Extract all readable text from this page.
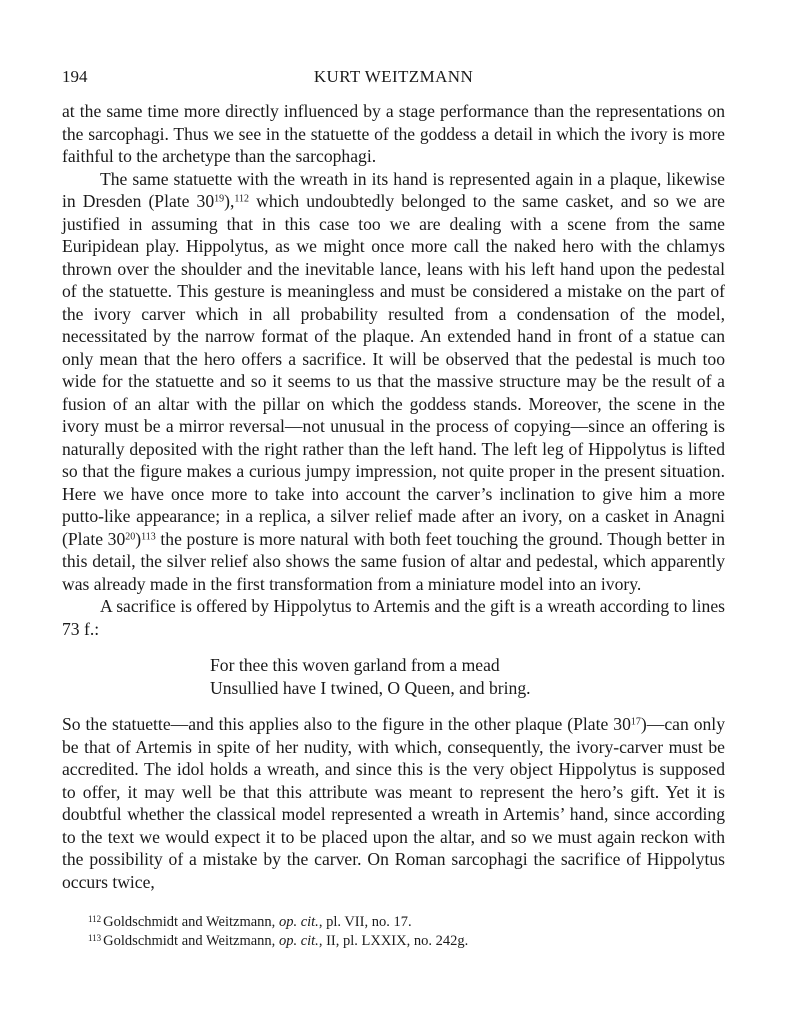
194	KURT WEITZMANN

at the same time more directly influenced by a stage performance than the representations on the sarcophagi. Thus we see in the statuette of the goddess a detail in which the ivory is more faithful to the archetype than the sarcophagi.

The same statuette with the wreath in its hand is represented again in a plaque, likewise in Dresden (Plate $30^{19}),^{112}$ which undoubtedly belonged to the same casket, and so we are justified in assuming that in this case too we are dealing with a scene from the same Euripidean play. Hippolytus, as we might once more call the naked hero with the chlamys thrown over the shoulder and the inevitable lance, leans with his left hand upon the pedestal of the statuette. This gesture is meaningless and must be considered a mistake on the part of the ivory carver which in all probability resulted from a condensation of the model, necessitated by the narrow format of the plaque. An extended hand in front of a statue can only mean that the hero offers a sacrifice. It will be observed that the pedestal is much too wide for the statuette and so it seems to us that the massive structure may be the result of a fusion of an altar with the pillar on which the goddess stands. Moreover, the scene in the ivory must be a mirror reversal—not unusual in the process of copying—since an offering is naturally deposited with the right rather than the left hand. The left leg of Hippolytus is lifted so that the figure makes a curious jumpy impression, not quite proper in the present situation. Here we have once more to take into account the carver’s inclination to give him a more putto-like appearance; in a replica, a silver relief made after an ivory, on a casket in Anagni (Plate $30^{20})^{113}$ the posture is more natural with both feet touching the ground. Though better in this detail, the silver relief also shows the same fusion of altar and pedestal, which apparently was already made in the first transformation from a miniature model into an ivory.

A sacrifice is offered by Hippolytus to Artemis and the gift is a wreath according to lines 73 f.:

For thee this woven garland from a mead
Unsullied have I twined, O Queen, and bring.

So the statuette—and this applies also to the figure in the other plaque (Plate $30^{17})—can$ only be that of Artemis in spite of her nudity, with which, consequently, the ivory-carver must be accredited. The idol holds a wreath, and since this is the very object Hippolytus is supposed to offer, it may well be that this attribute was meant to represent the hero’s gift. Yet it is doubtful whether the classical model represented a wreath in Artemis’ hand, since according to the text we would expect it to be placed upon the altar, and so we must again reckon with the possibility of a mistake by the carver. On Roman sarcophagi the sacrifice of Hippolytus occurs twice,

$^{112}$ Goldschmidt and Weitzmann, op. cit., pl. VII, no. 17.
$^{113}$ Goldschmidt and Weitzmann, op. cit., II, pl. LXXIX, no. 242g.
